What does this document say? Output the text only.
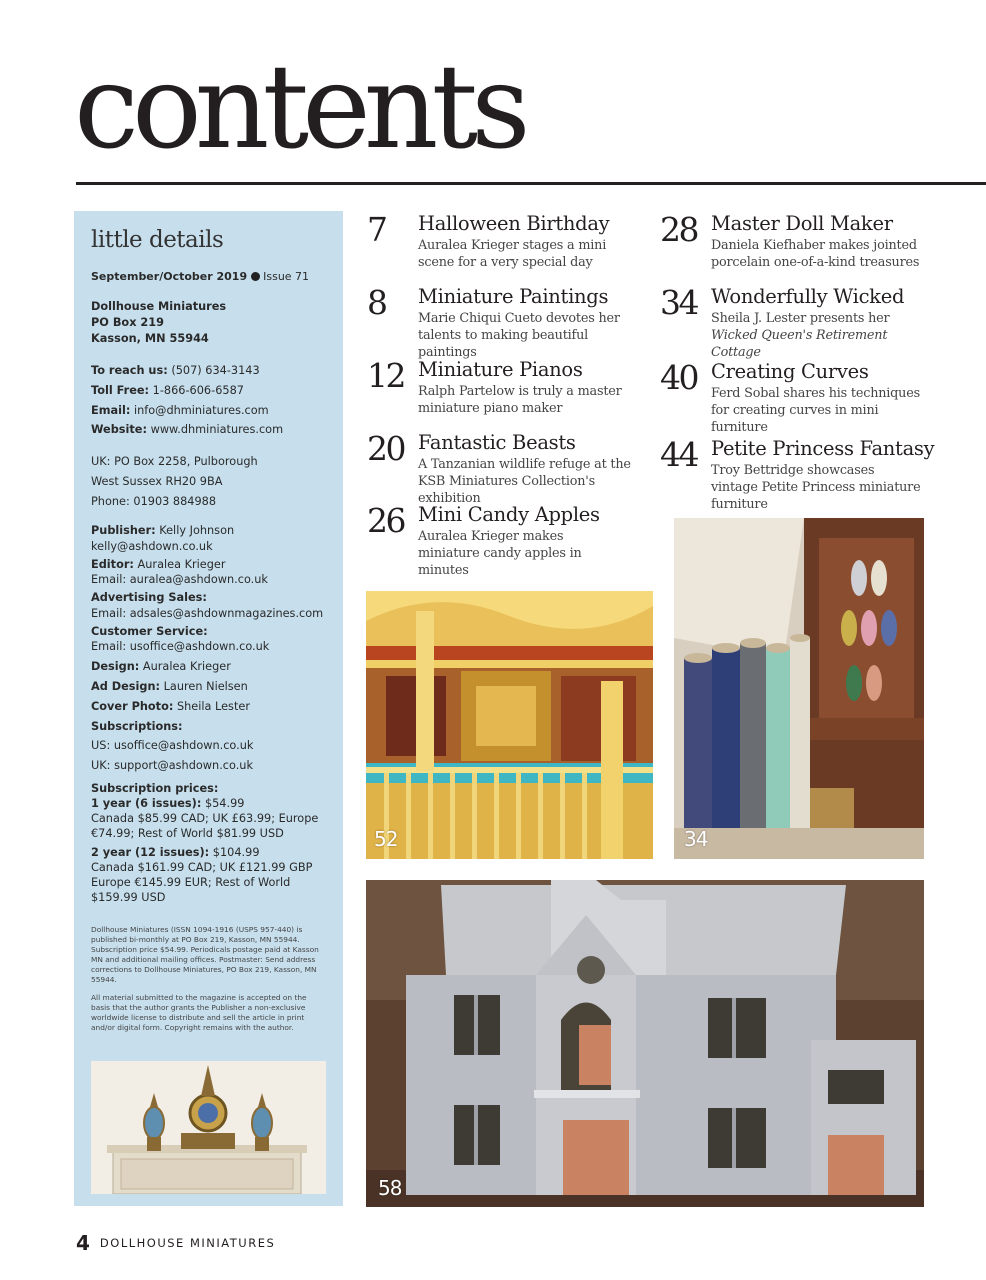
contents
little details
September/October 2019 Issue 71
Dollhouse Miniatures
PO Box 219
Kasson, MN 55944

To reach us: (507) 634-3143

Toll Free: 1-866-606-6587

Email: info@dhminiatures.com

Website: www.dhminiatures.com

UK: PO Box 2258, Pulborough

West Sussex RH20 9BA

Phone: 01903 884988

Publisher: Kelly Johnson
kelly@ashdown.co.uk

Editor: Auralea Krieger
Email: auralea@ashdown.co.uk

Advertising Sales:
Email: adsales@ashdownmagazines.com

Customer Service:
Email: usoffice@ashdown.co.uk

Design: Auralea Krieger

Ad Design: Lauren Nielsen

Cover Photo: Sheila Lester

Subscriptions:

US: usoffice@ashdown.co.uk

UK: support@ashdown.co.uk

Subscription prices:
1 year (6 issues): $54.99
Canada $85.99 CAD; UK £63.99; Europe €74.99; Rest of World $81.99 USD

2 year (12 issues): $104.99
Canada $161.99 CAD; UK £121.99 GBP Europe €145.99 EUR; Rest of World $159.99 USD

Dollhouse Miniatures (ISSN 1094-1916 (USPS 957-440) is published bi-monthly at PO Box 219, Kasson, MN 55944. Subscription price $54.99. Periodicals postage paid at Kasson MN and additional mailing offices. Postmaster: Send address corrections to Dollhouse Miniatures, PO Box 219, Kasson, MN 55944.

All material submitted to the magazine is accepted on the basis that the author grants the Publisher a non-exclusive worldwide license to distribute and sell the article in print and/or digital form. Copyright remains with the author.

7 Halloween Birthday
Auralea Krieger stages a mini scene for a very special day
8 Miniature Paintings
Marie Chiqui Cueto devotes her talents to making beautiful paintings
12 Miniature Pianos
Ralph Partelow is truly a master miniature piano maker
20 Fantastic Beasts
A Tanzanian wildlife refuge at the KSB Miniatures Collection's exhibition
26 Mini Candy Apples
Auralea Krieger makes miniature candy apples in minutes
28 Master Doll Maker
Daniela Kiefhaber makes jointed porcelain one-of-a-kind treasures
34 Wonderfully Wicked
Sheila J. Lester presents her Wicked Queen's Retirement Cottage
40 Creating Curves
Ferd Sobal shares his techniques for creating curves in mini furniture
44 Petite Princess Fantasy
Troy Bettridge showcases vintage Petite Princess miniature furniture
52	34
58
4 DOLLHOUSE MINIATURES
